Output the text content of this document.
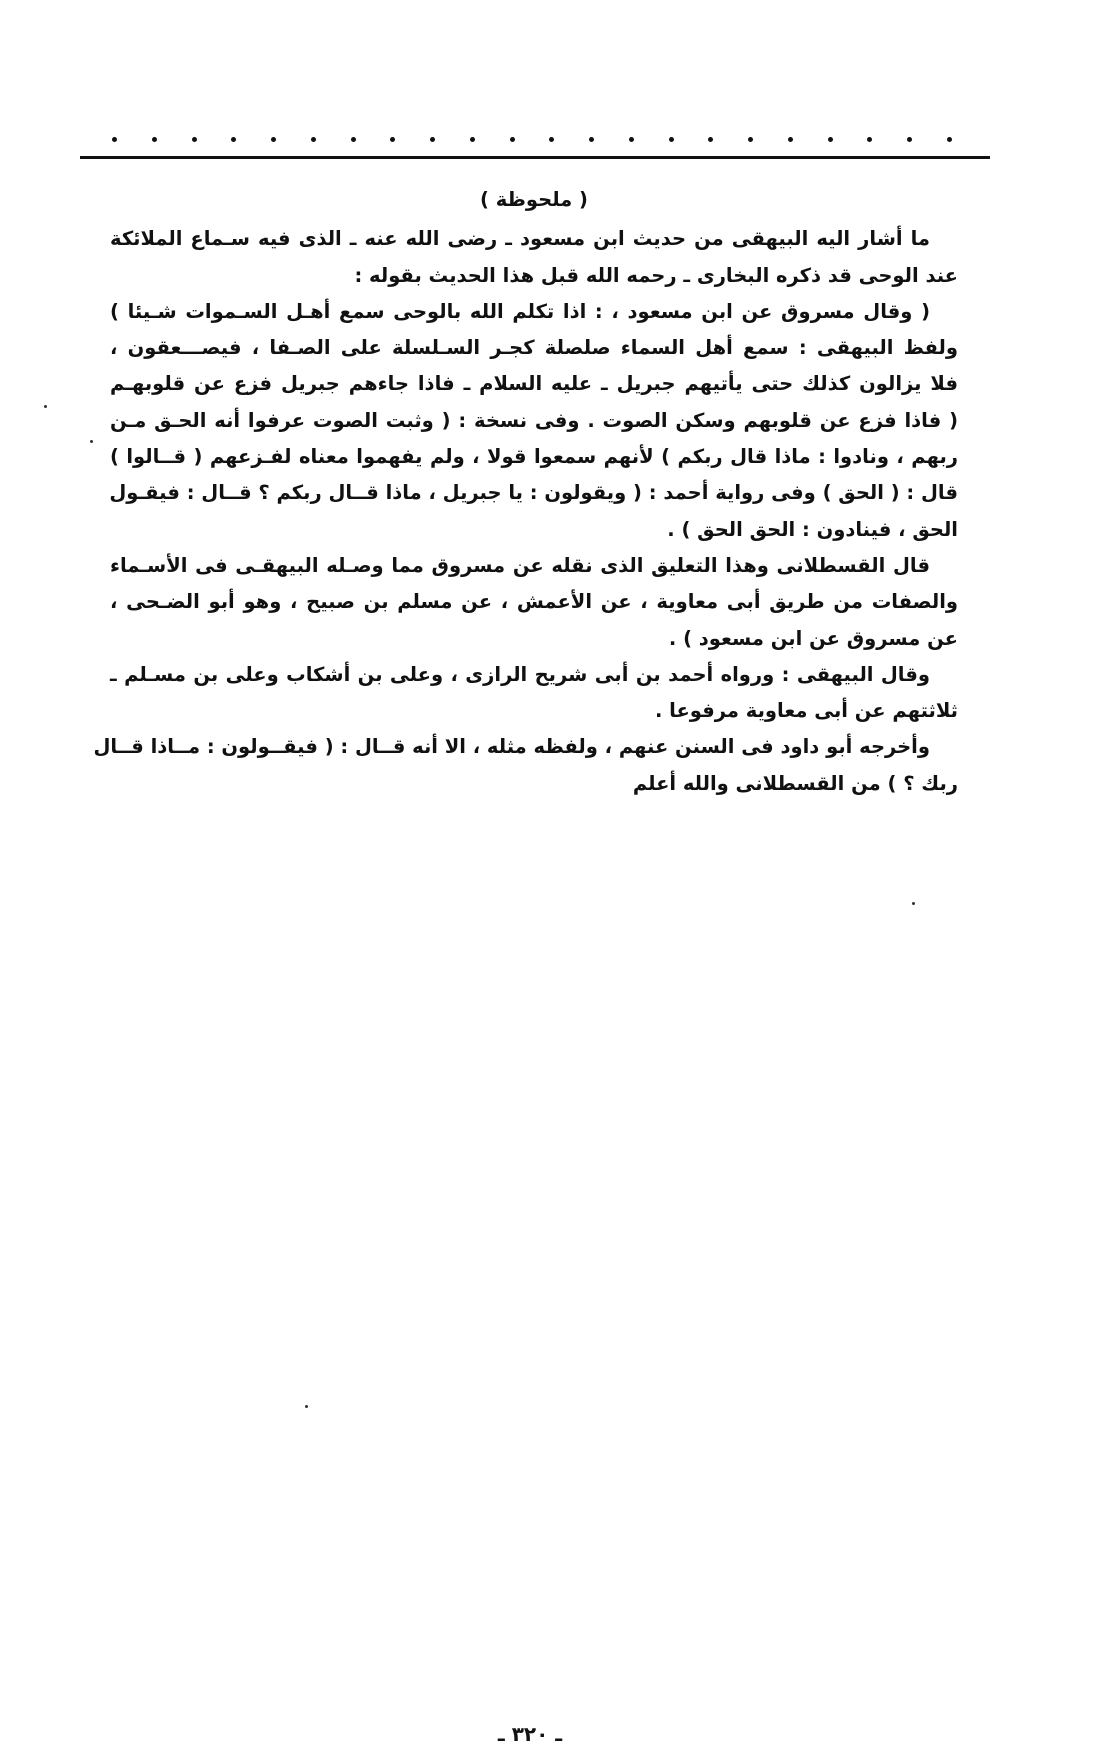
( ملحوظة )
ما أشار اليه البيهقى من حديث ابن مسعود ـ رضى الله عنه ـ الذى فيه سـماع الملائكة
عند الوحى قد ذكره البخارى ـ رحمه الله قبل هذا الحديث بقوله :
( وقال مسروق عن ابن مسعود ، : اذا تكلم الله بالوحى سمع أهـل السـموات شـيئا )
ولفظ البيهقى : سمع أهل السماء صلصلة كجـر السـلسلة على الصـفا ، فيصـــعقون ،
فلا يزالون كذلك حتى يأتيهم جبريل ـ عليه السلام ـ فاذا جاءهم جبريل فزع عن قلوبهـم
( فاذا فزع عن قلوبهم وسكن الصوت . وفى نسخة : ( وثبت الصوت عرفوا أنه الحـق مـن
ربهم ، ونادوا : ماذا قال ربكم ) لأنهم سمعوا قولا ، ولم يفهموا معناه لفـزعهم ( قــالوا )
قال : ( الحق ) وفى رواية أحمد : ( ويقولون : يا جبريل ، ماذا قــال ربكم ؟ قــال : فيقـول
الحق ، فينادون : الحق الحق ) .
قال القسطلانى وهذا التعليق الذى نقله عن مسروق مما وصـله البيهقـى فى الأسـماء
والصفات من طريق أبى معاوية ، عن الأعمش ، عن مسلم بن صبيح ، وهو أبو الضـحى ،
عن مسروق عن ابن مسعود ) .
وقال البيهقى : ورواه أحمد بن أبى شريح الرازى ، وعلى بن أشكاب وعلى بن مسـلم ـ
ثلاثتهم عن أبى معاوية مرفوعا .
وأخرجه أبو داود فى السنن عنهم ، ولفظه مثله ، الا أنه قــال : ( فيقــولون : مــاذا قــال
ربك ؟ ) من القسطلانى والله أعلم
ـ ٣٢٠ ـ
